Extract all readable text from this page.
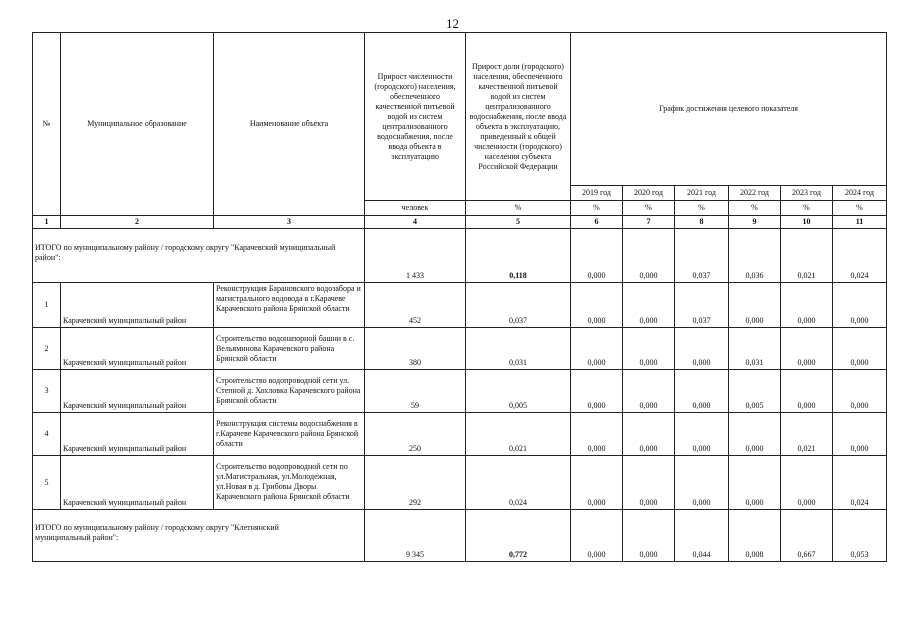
12
№	Муниципальное образование	Наименование объекта	Прирост численности (городского) населения, обеспеченного качественной питьевой водой из систем централизованного водоснабжения, после ввода объекта в эксплуатацию	Прирост доли (городского) населения, обеспеченного качественной питьевой водой из систем централизованного водоснабжения, после ввода объекта в эксплуатацию, приведенный к общей численности (городского) населения субъекта Российской Федерации	График достижения целевого показателя					
					2019 год	2020 год	2021 год	2022 год	2023 год	2024 год
			человек	%	%	%	%	%	%	%
1	2	3	4	5	6	7	8	9	10	11
ИТОГО по муниципальному району / городскому округу "Карачевский муниципальный район":			1 433	0,118	0,000	0,000	0,037	0,036	0,021	0,024
1	Карачевский муниципальный район	Реконструкция Барановского водозабора и магистрального водовода в г.Карачеве Карачевского района Брянской области	452	0,037	0,000	0,000	0,037	0,000	0,000	0,000
2	Карачевский муниципальный район	Строительство водонапорной башни в с. Вельяминова Карачевского района Брянской области	380	0,031	0,000	0,000	0,000	0,031	0,000	0,000
3	Карачевский муниципальный район	Строительство водопроводной сети ул. Степной д. Хохловка Карачевского района Брянской области	59	0,005	0,000	0,000	0,000	0,005	0,000	0,000
4	Карачевский муниципальный район	Реконструкция системы водоснабжения в г.Карачеве Карачевского района Брянской области	250	0,021	0,000	0,000	0,000	0,000	0,021	0,000
5	Карачевский муниципальный район	Строительство водопроводной сети по ул.Магистральная, ул.Молодежная, ул.Новая в д. Грибовы Дворы Карачевского района Брянской области	292	0,024	0,000	0,000	0,000	0,000	0,000	0,024
ИТОГО по муниципальному району / городскому округу "Клетнянский муниципальный район":			9 345	0,772	0,000	0,000	0,044	0,008	0,667	0,053
